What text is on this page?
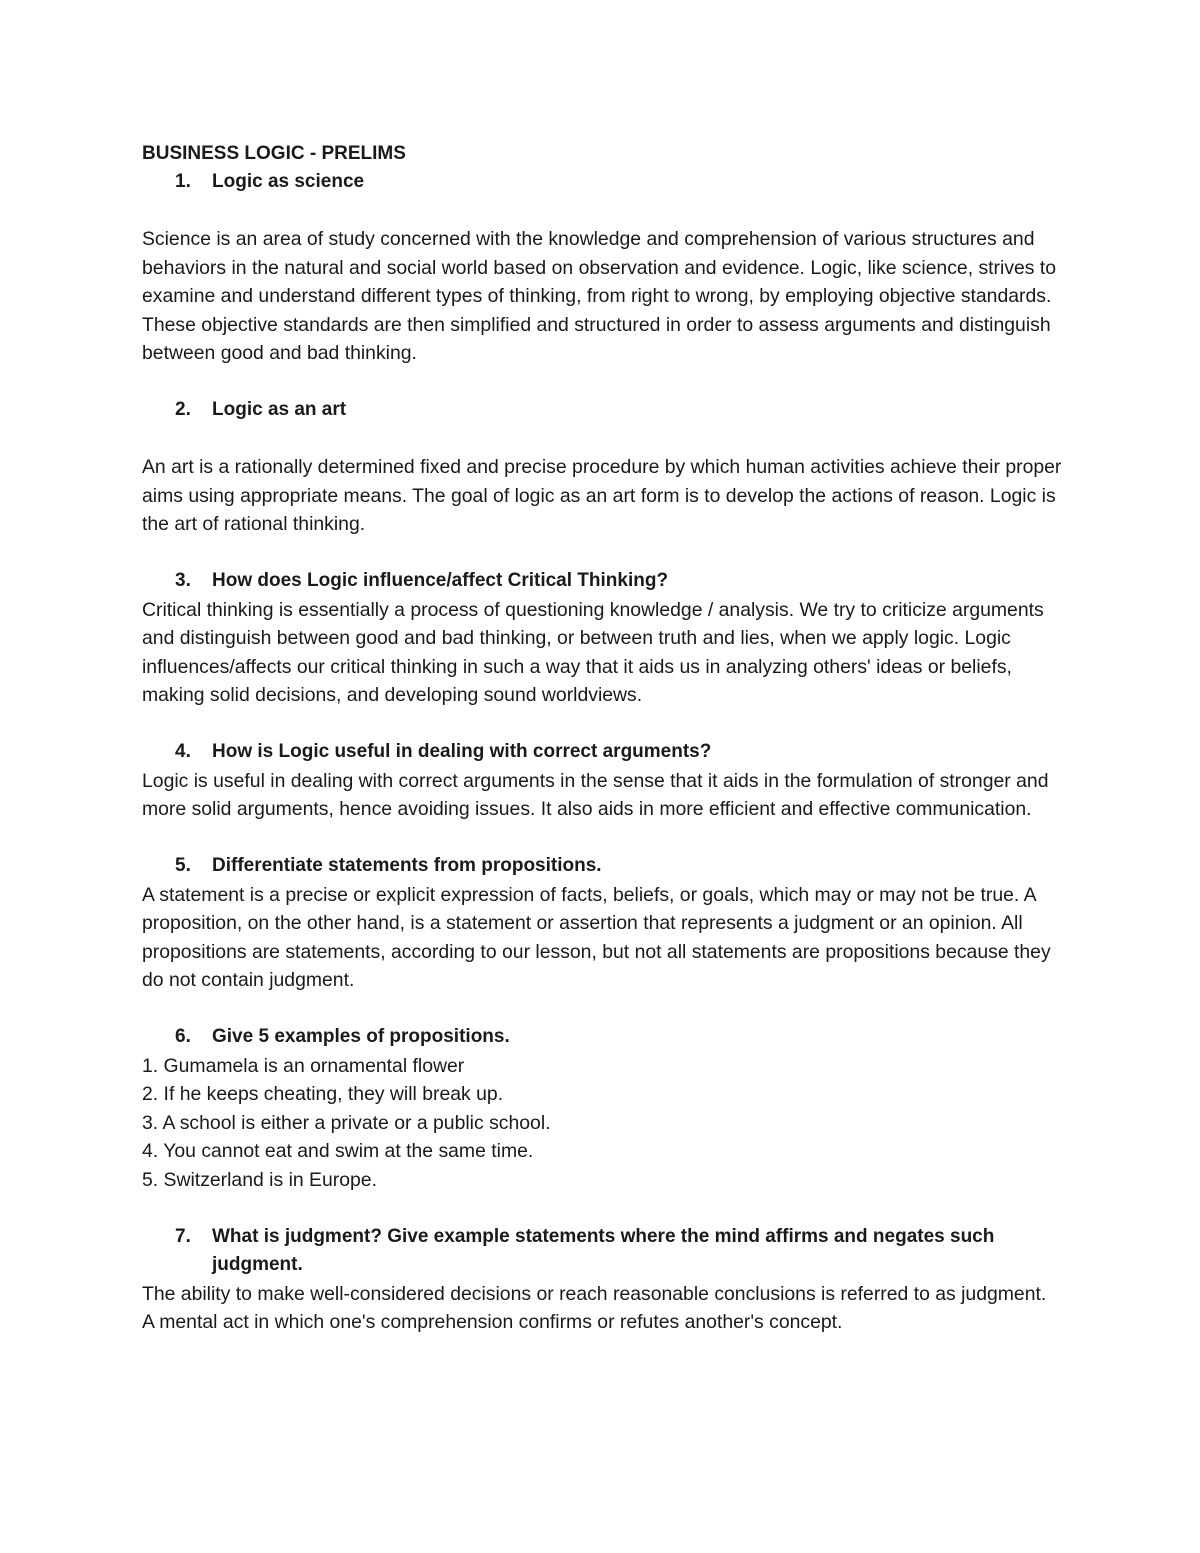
BUSINESS LOGIC - PRELIMS
1.	Logic as science

Science is an area of study concerned with the knowledge and comprehension of various structures and behaviors in the natural and social world based on observation and evidence. Logic, like science, strives to examine and understand different types of thinking, from right to wrong, by employing objective standards. These objective standards are then simplified and structured in order to assess arguments and distinguish between good and bad thinking.

2.	Logic as an art

An art is a rationally determined fixed and precise procedure by which human activities achieve their proper aims using appropriate means. The goal of logic as an art form is to develop the actions of reason. Logic is the art of rational thinking.

3.	How does Logic influence/affect Critical Thinking?

Critical thinking is essentially a process of questioning knowledge / analysis. We try to criticize arguments and distinguish between good and bad thinking, or between truth and lies, when we apply logic. Logic influences/affects our critical thinking in such a way that it aids us in analyzing others' ideas or beliefs, making solid decisions, and developing sound worldviews.

4.	How is Logic useful in dealing with correct arguments?

Logic is useful in dealing with correct arguments in the sense that it aids in the formulation of stronger and more solid arguments, hence avoiding issues. It also aids in more efficient and effective communication.

5.	Differentiate statements from propositions.

A statement is a precise or explicit expression of facts, beliefs, or goals, which may or may not be true. A proposition, on the other hand, is a statement or assertion that represents a judgment or an opinion. All propositions are statements, according to our lesson, but not all statements are propositions because they do not contain judgment.

6.	Give 5 examples of propositions.
1. Gumamela is an ornamental flower
2. If he keeps cheating, they will break up.
3. A school is either a private or a public school.
4. You cannot eat and swim at the same time.
5. Switzerland is in Europe.
7.	What is judgment? Give example statements where the mind affirms and negates such judgment.

The ability to make well-considered decisions or reach reasonable conclusions is referred to as judgment. A mental act in which one's comprehension confirms or refutes another's concept.
